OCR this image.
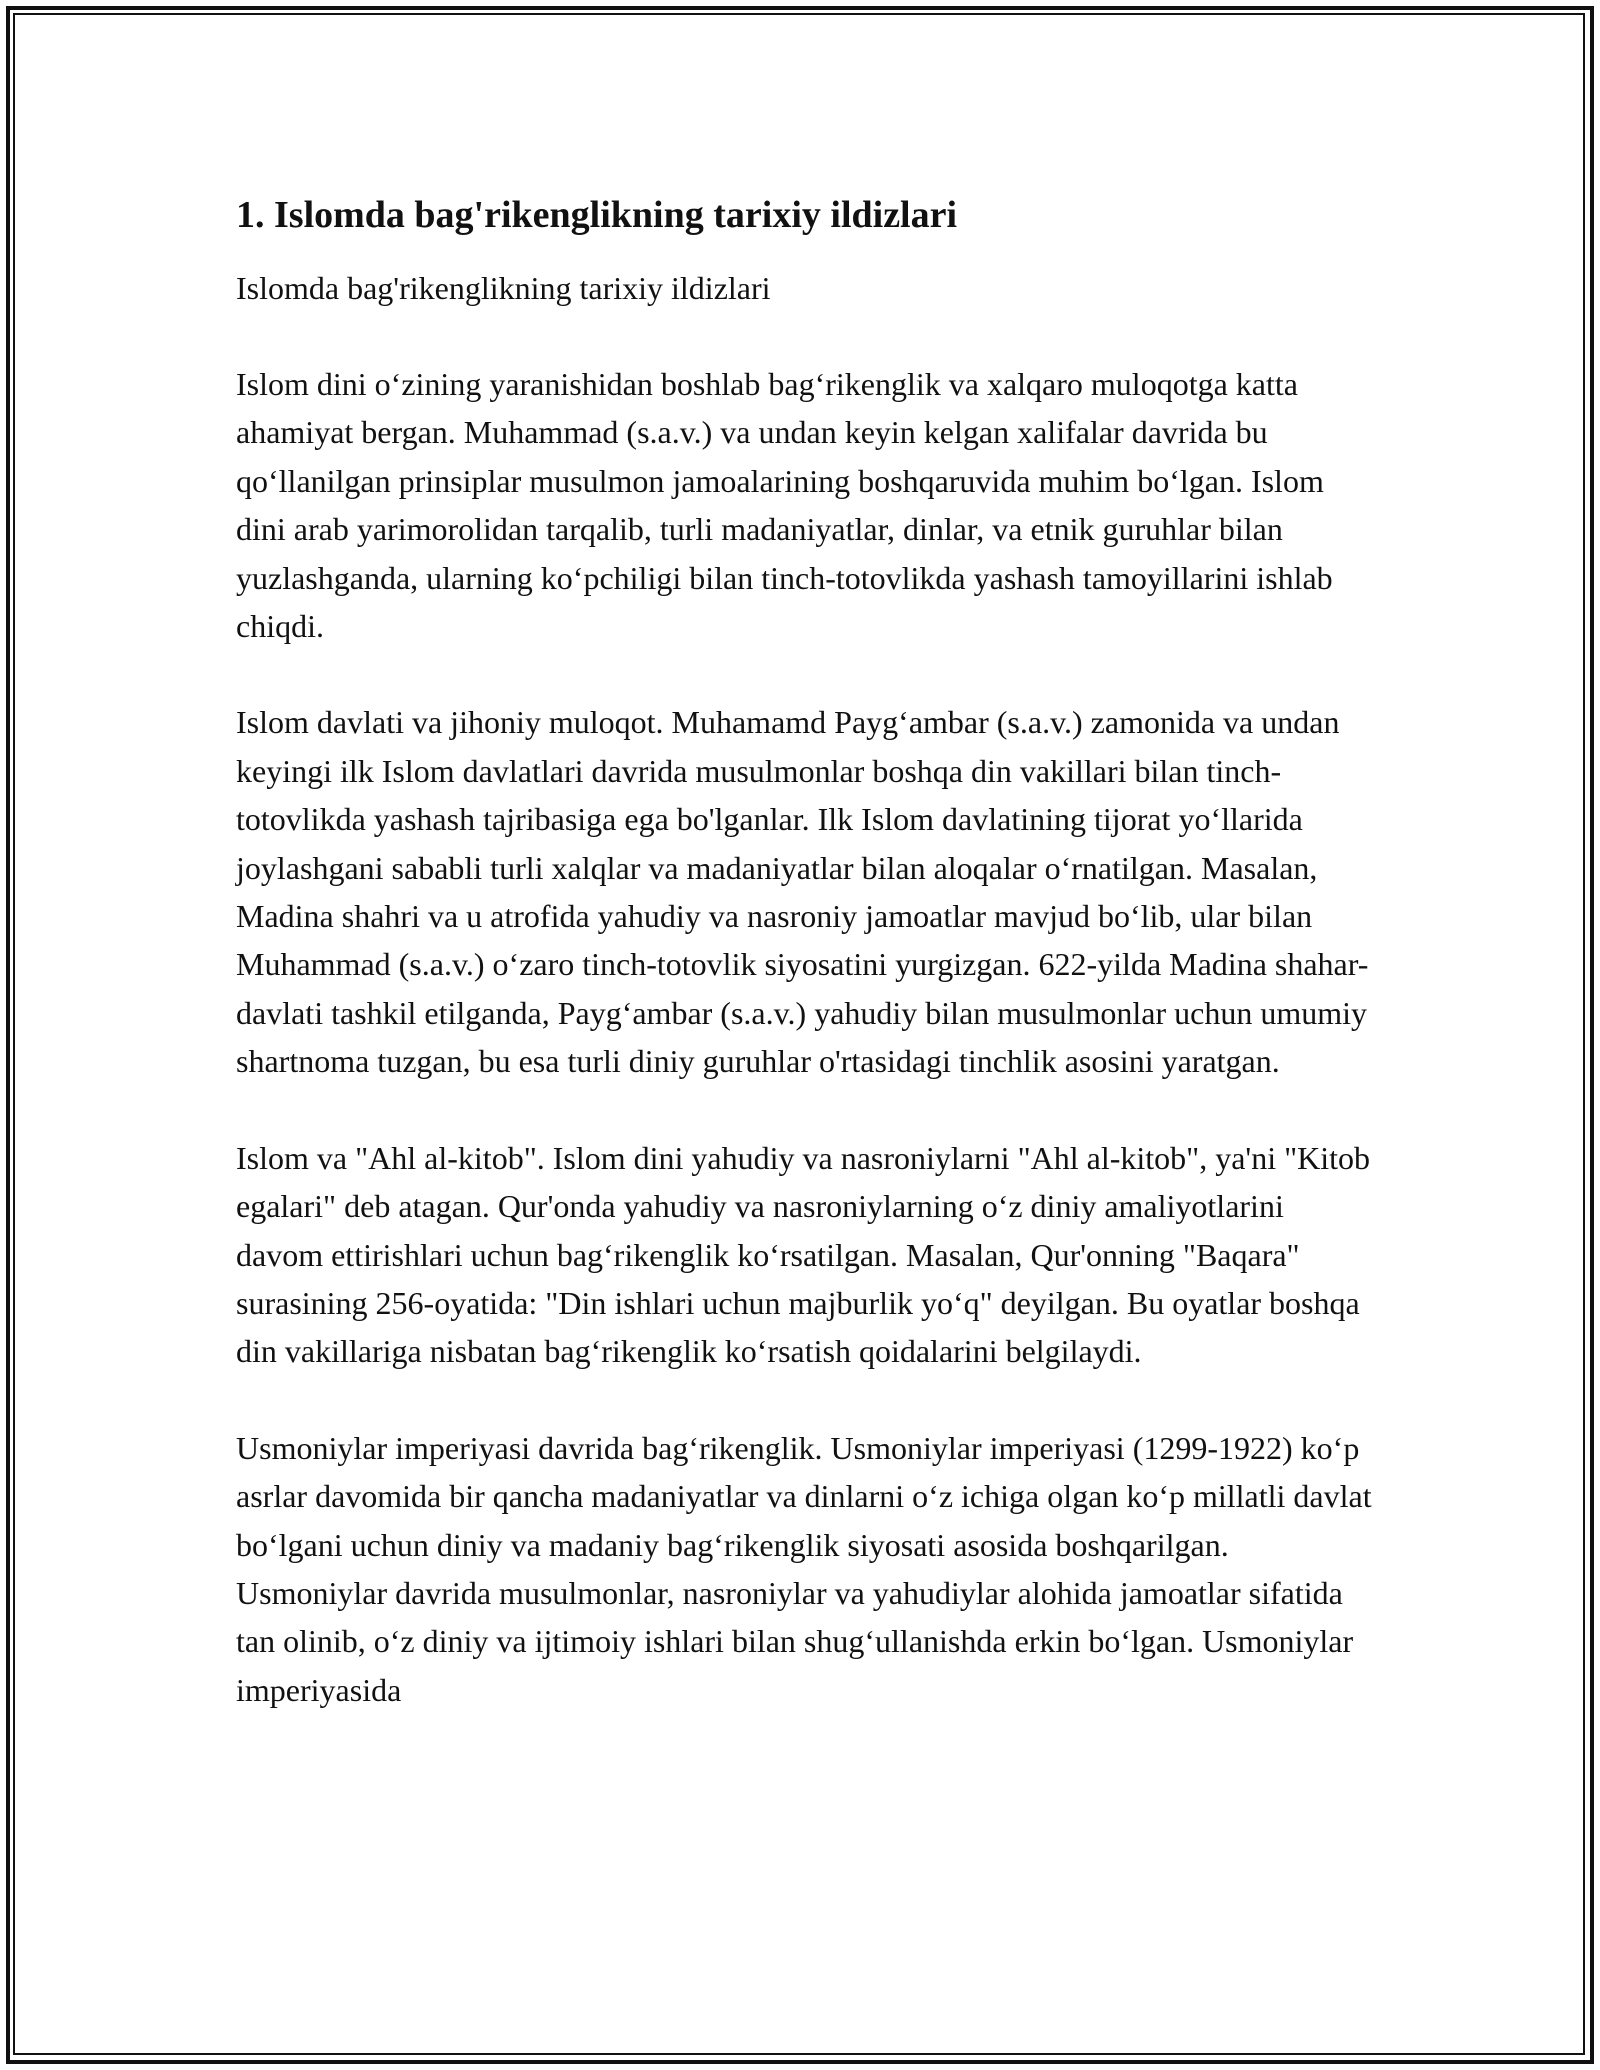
1. Islomda bag'rikenglikning tarixiy ildizlari
Islomda bag'rikenglikning tarixiy ildizlari

Islom dini o‘zining yaranishidan boshlab bag‘rikenglik va xalqaro muloqotga katta ahamiyat bergan. Muhammad (s.a.v.) va undan keyin kelgan xalifalar davrida bu qo‘llanilgan prinsiplar musulmon jamoalarining boshqaruvida muhim bo‘lgan. Islom dini arab yarimorolidan tarqalib, turli madaniyatlar, dinlar, va etnik guruhlar bilan yuzlashganda, ularning ko‘pchiligi bilan tinch-totovlikda yashash tamoyillarini ishlab chiqdi.

Islom davlati va jihoniy muloqot. Muhamamd Payg‘ambar (s.a.v.) zamonida va undan keyingi ilk Islom davlatlari davrida musulmonlar boshqa din vakillari bilan tinch-totovlikda yashash tajribasiga ega bo'lganlar. Ilk Islom davlatining tijorat yo‘llarida joylashgani sababli turli xalqlar va madaniyatlar bilan aloqalar o‘rnatilgan. Masalan, Madina shahri va u atrofida yahudiy va nasroniy jamoatlar mavjud bo‘lib, ular bilan Muhammad (s.a.v.) o‘zaro tinch-totovlik siyosatini yurgizgan. 622-yilda Madina shahar-davlati tashkil etilganda, Payg‘ambar (s.a.v.) yahudiy bilan musulmonlar uchun umumiy shartnoma tuzgan, bu esa turli diniy guruhlar o'rtasidagi tinchlik asosini yaratgan.

Islom va "Ahl al-kitob". Islom dini yahudiy va nasroniylarni "Ahl al-kitob", ya'ni "Kitob egalari" deb atagan. Qur'onda yahudiy va nasroniylarning o‘z diniy amaliyotlarini davom ettirishlari uchun bag‘rikenglik ko‘rsatilgan. Masalan, Qur'onning "Baqara" surasining 256-oyatida: "Din ishlari uchun majburlik yo‘q" deyilgan. Bu oyatlar boshqa din vakillariga nisbatan bag‘rikenglik ko‘rsatish qoidalarini belgilaydi.

Usmoniylar imperiyasi davrida bag‘rikenglik. Usmoniylar imperiyasi (1299-1922) ko‘p asrlar davomida bir qancha madaniyatlar va dinlarni o‘z ichiga olgan ko‘p millatli davlat bo‘lgani uchun diniy va madaniy bag‘rikenglik siyosati asosida boshqarilgan. Usmoniylar davrida musulmonlar, nasroniylar va yahudiylar alohida jamoatlar sifatida tan olinib, o‘z diniy va ijtimoiy ishlari bilan shug‘ullanishda erkin bo‘lgan. Usmoniylar imperiyasida
